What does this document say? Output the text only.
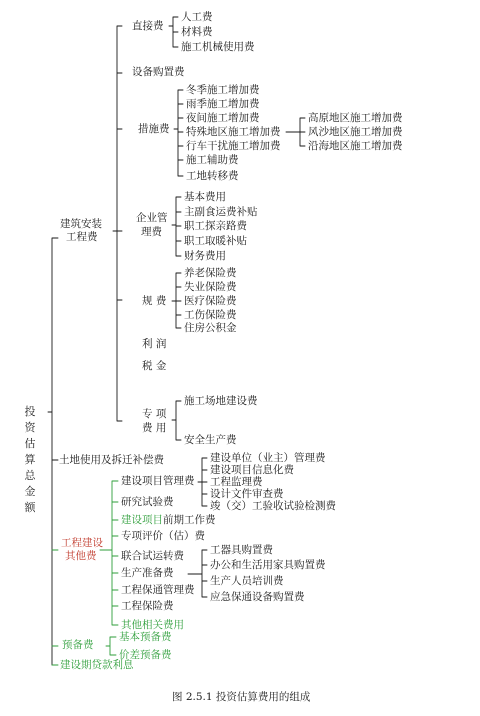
投资估算总金额
建筑安装
工程费
土地使用及拆迁补偿费
工程建设
其他费
预备费
建设期贷款利息
直接费
设备购置费
措施费
企业管
理费
规 费
利 润
税 金
专 项
费 用
人工费
材料费
施工机械使用费
冬季施工增加费
雨季施工增加费
夜间施工增加费
特殊地区施工增加费
行车干扰施工增加费
施工辅助费
工地转移费
高原地区施工增加费
风沙地区施工增加费
沿海地区施工增加费
基本费用
主副食运费补贴
职工探亲路费
职工取暖补贴
财务费用
养老保险费
失业保险费
医疗保险费
工伤保险费
住房公积金
施工场地建设费
安全生产费
建设项目管理费
研究试验费
建设项目前期工作费
专项评价（估）费
联合试运转费
生产准备费
工程保通管理费
工程保险费
其他相关费用
建设单位（业主）管理费
建设项目信息化费
工程监理费
设计文件审查费
竣（交）工验收试验检测费
工器具购置费
办公和生活用家具购置费
生产人员培训费
应急保通设备购置费
基本预备费
价差预备费
图 2.5.1 投资估算费用的组成
